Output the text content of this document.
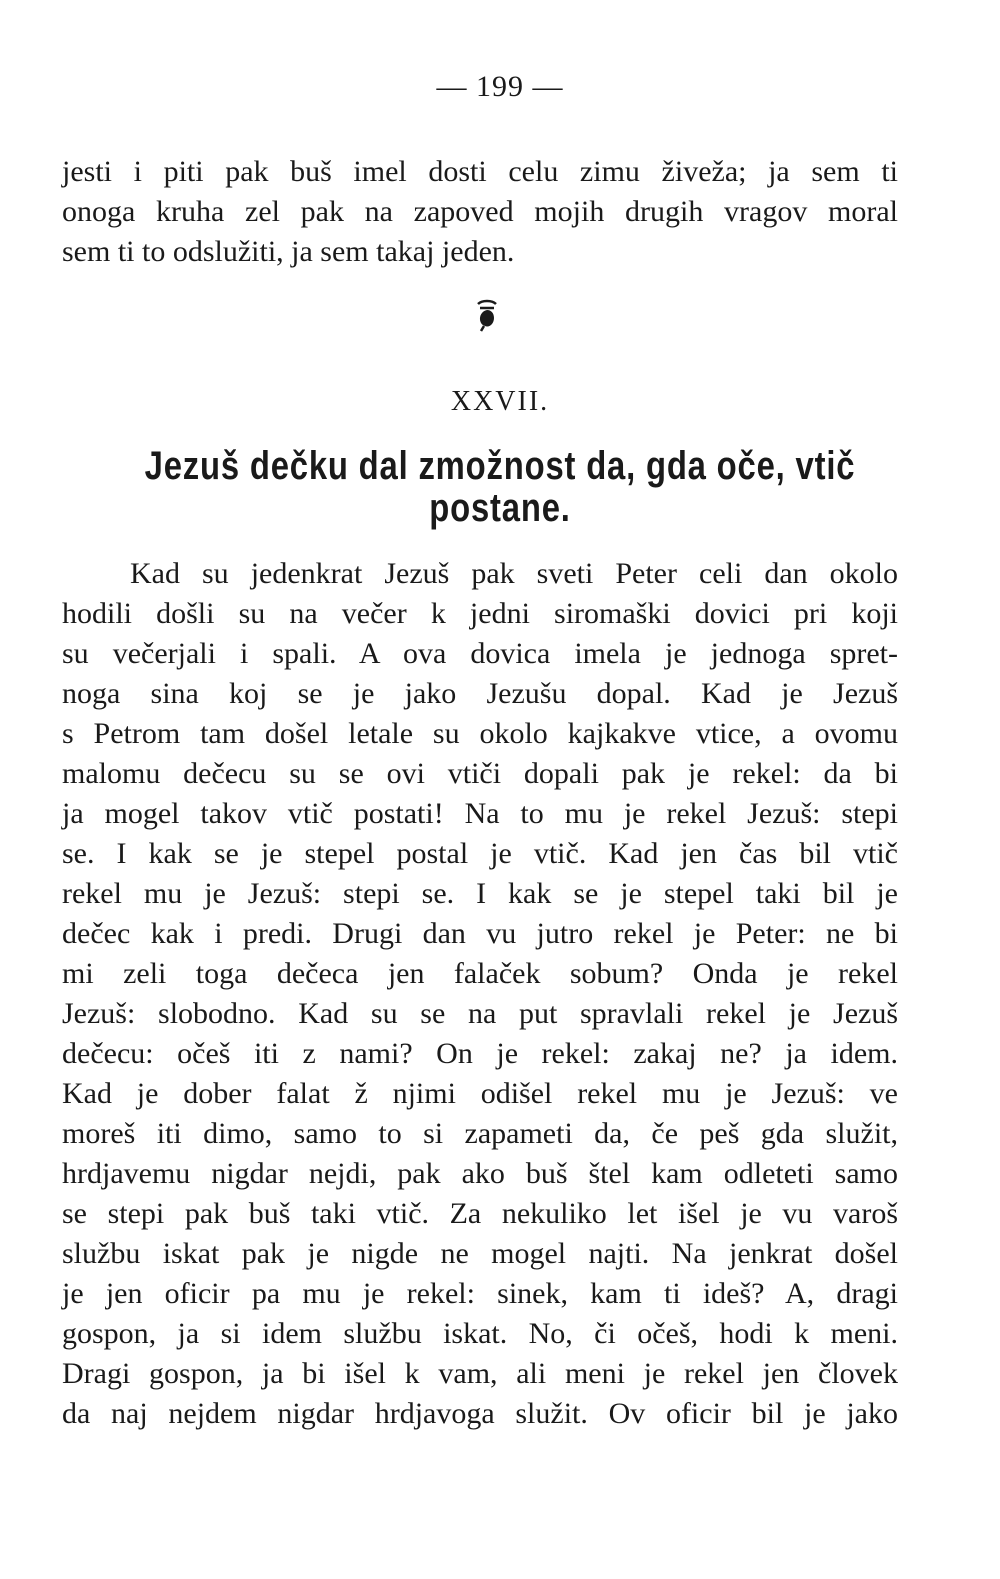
— 199 —
jesti i piti pak buš imel dosti celu zimu živeža; ja sem ti
onoga kruha zel pak na zapoved mojih drugih vragov moral
sem ti to odslužiti, ja sem takaj jeden.
XXVII.
Jezuš dečku dal zmožnost da, gda oče, vtič
postane.
Kad su jedenkrat Jezuš pak sveti Peter celi dan okolo
hodili došli su na večer k jedni siromaški dovici pri koji
su večerjali i spali. A ova dovica imela je jednoga spret-
noga sina koj se je jako Jezušu dopal. Kad je Jezuš
s Petrom tam došel letale su okolo kajkakve vtice, a ovomu
malomu dečecu su se ovi vtiči dopali pak je rekel: da bi
ja mogel takov vtič postati! Na to mu je rekel Jezuš: stepi
se. I kak se je stepel postal je vtič. Kad jen čas bil vtič
rekel mu je Jezuš: stepi se. I kak se je stepel taki bil je
dečec kak i predi. Drugi dan vu jutro rekel je Peter: ne bi
mi zeli toga dečeca jen falaček sobum? Onda je rekel
Jezuš: slobodno. Kad su se na put spravlali rekel je Jezuš
dečecu: očeš iti z nami? On je rekel: zakaj ne? ja idem.
Kad je dober falat ž njimi odišel rekel mu je Jezuš: ve
moreš iti dimo, samo to si zapameti da, če peš gda služit,
hrdjavemu nigdar nejdi, pak ako buš štel kam odleteti samo
se stepi pak buš taki vtič. Za nekuliko let išel je vu varoš
službu iskat pak je nigde ne mogel najti. Na jenkrat došel
je jen oficir pa mu je rekel: sinek, kam ti ideš? A, dragi
gospon, ja si idem službu iskat. No, či očeš, hodi k meni.
Dragi gospon, ja bi išel k vam, ali meni je rekel jen človek
da naj nejdem nigdar hrdjavoga služit. Ov oficir bil je jako
